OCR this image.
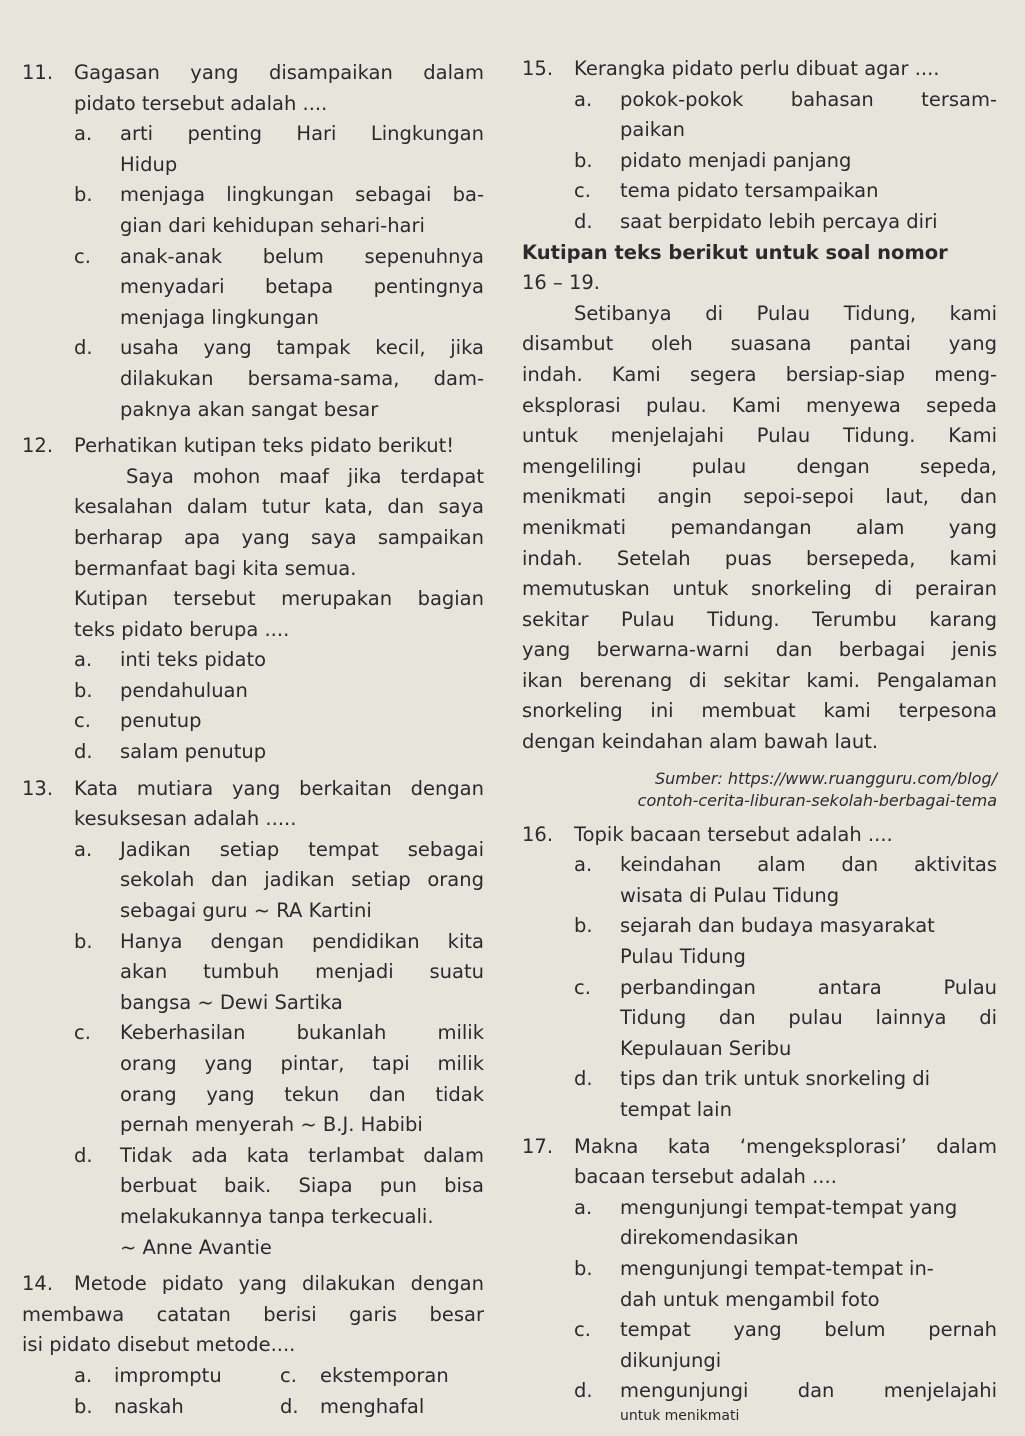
11.	Gagasan yang disampaikan dalam
pidato tersebut adalah ....
a.	arti penting Hari Lingkungan
Hidup
b.	menjaga lingkungan sebagai ba-
gian dari kehidupan sehari-hari
c.	anak-anak belum sepenuhnya
menyadari betapa pentingnya
menjaga lingkungan
d.	usaha yang tampak kecil, jika
dilakukan bersama-sama, dam-
paknya akan sangat besar
12.	Perhatikan kutipan teks pidato berikut!
Saya mohon maaf jika terdapat
kesalahan dalam tutur kata, dan saya
berharap apa yang saya sampaikan
bermanfaat bagi kita semua.
Kutipan tersebut merupakan bagian
teks pidato berupa ....
a.	inti teks pidato
b.	pendahuluan
c.	penutup
d.	salam penutup
13.	Kata mutiara yang berkaitan dengan
kesuksesan adalah .....
a.	Jadikan setiap tempat sebagai
sekolah dan jadikan setiap orang
sebagai guru ~ RA Kartini
b.	Hanya dengan pendidikan kita
akan tumbuh menjadi suatu
bangsa ~ Dewi Sartika
c.	Keberhasilan bukanlah milik
orang yang pintar, tapi milik
orang yang tekun dan tidak
pernah menyerah ~ B.J. Habibi
d.	Tidak ada kata terlambat dalam
berbuat baik. Siapa pun bisa
melakukannya tanpa terkecuali.
~ Anne Avantie
14.	Metode pidato yang dilakukan dengan
membawa catatan berisi garis besar
isi pidato disebut metode....
a.	impromptu	c.	ekstemporan
b.	naskah	d.	menghafal
15.	Kerangka pidato perlu dibuat agar ....
a.	pokok-pokok bahasan tersam-
paikan
b.	pidato menjadi panjang
c.	tema pidato tersampaikan
d.	saat berpidato lebih percaya diri
Kutipan teks berikut untuk soal nomor
16 – 19.
Setibanya di Pulau Tidung, kami
disambut oleh suasana pantai yang
indah. Kami segera bersiap-siap meng-
eksplorasi pulau. Kami menyewa sepeda
untuk menjelajahi Pulau Tidung. Kami
mengelilingi pulau dengan sepeda,
menikmati angin sepoi-sepoi laut, dan
menikmati pemandangan alam yang
indah. Setelah puas bersepeda, kami
memutuskan untuk snorkeling di perairan
sekitar Pulau Tidung. Terumbu karang
yang berwarna-warni dan berbagai jenis
ikan berenang di sekitar kami. Pengalaman
snorkeling ini membuat kami terpesona
dengan keindahan alam bawah laut.
Sumber: https://www.ruangguru.com/blog/
contoh-cerita-liburan-sekolah-berbagai-tema
16.	Topik bacaan tersebut adalah ....
a.	keindahan alam dan aktivitas
wisata di Pulau Tidung
b.	sejarah dan budaya masyarakat
Pulau Tidung
c.	perbandingan antara Pulau
Tidung dan pulau lainnya di
Kepulauan Seribu
d.	tips dan trik untuk snorkeling di
tempat lain
17.	Makna kata ‘mengeksplorasi’ dalam
bacaan tersebut adalah ....
a.	mengunjungi tempat-tempat yang
direkomendasikan
b.	mengunjungi tempat-tempat in-
dah untuk mengambil foto
c.	tempat yang belum pernah
dikunjungi
d.	mengunjungi dan menjelajahi
untuk menikmati
